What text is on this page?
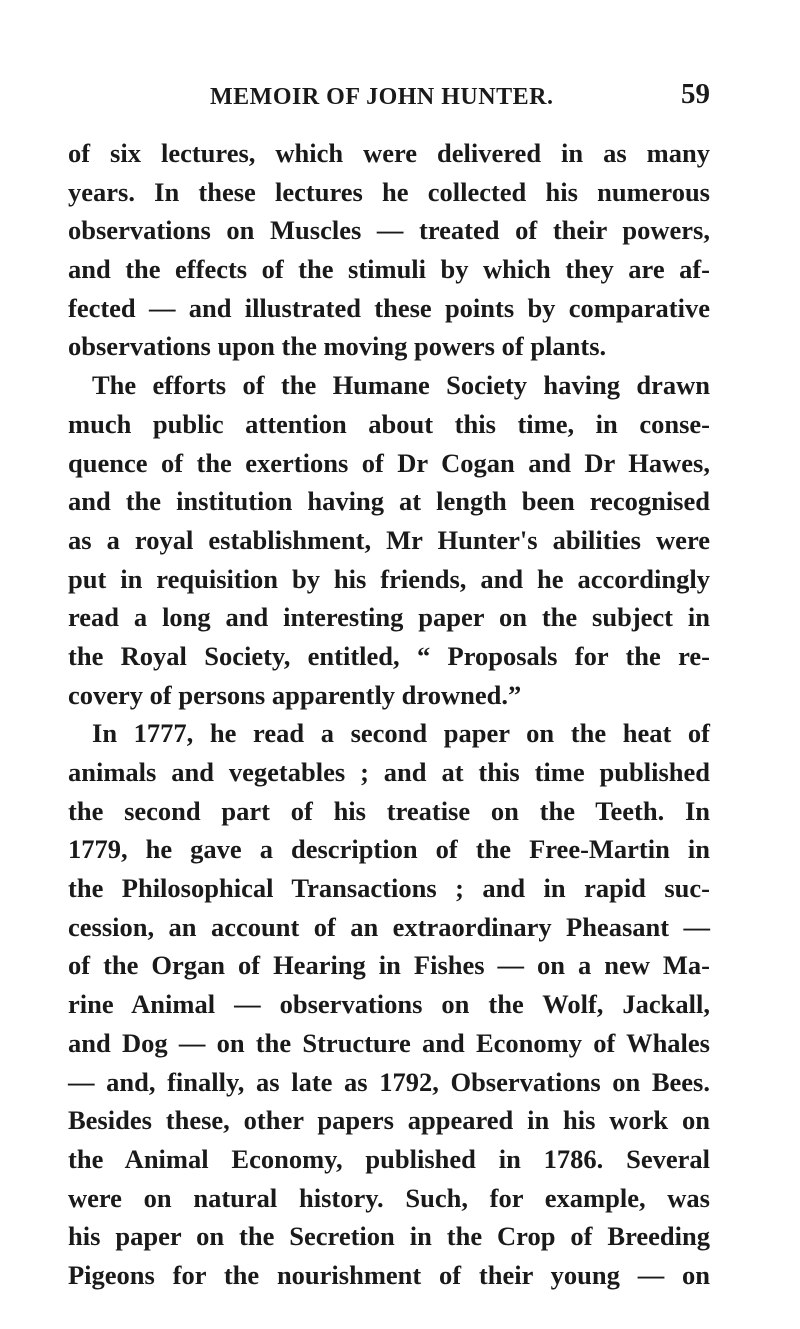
MEMOIR OF JOHN HUNTER.	59
of six lectures, which were delivered in as many
years. In these lectures he collected his numerous
observations on Muscles — treated of their powers,
and the effects of the stimuli by which they are af-
fected — and illustrated these points by comparative
observations upon the moving powers of plants.
The efforts of the Humane Society having drawn
much public attention about this time, in conse-
quence of the exertions of Dr Cogan and Dr Hawes,
and the institution having at length been recognised
as a royal establishment, Mr Hunter's abilities were
put in requisition by his friends, and he accordingly
read a long and interesting paper on the subject in
the Royal Society, entitled, “ Proposals for the re-
covery of persons apparently drowned.”
In 1777, he read a second paper on the heat of
animals and vegetables ; and at this time published
the second part of his treatise on the Teeth. In
1779, he gave a description of the Free-Martin in
the Philosophical Transactions ; and in rapid suc-
cession, an account of an extraordinary Pheasant —
of the Organ of Hearing in Fishes — on a new Ma-
rine Animal — observations on the Wolf, Jackall,
and Dog — on the Structure and Economy of Whales
— and, finally, as late as 1792, Observations on Bees.
Besides these, other papers appeared in his work on
the Animal Economy, published in 1786. Several
were on natural history. Such, for example, was
his paper on the Secretion in the Crop of Breeding
Pigeons for the nourishment of their young — on
